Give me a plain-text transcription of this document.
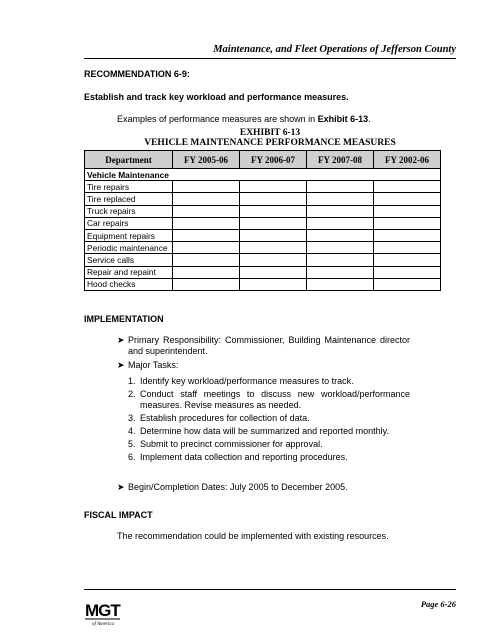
Maintenance, and Fleet Operations of Jefferson County
RECOMMENDATION 6-9:
Establish and track key workload and performance measures.
Examples of performance measures are shown in Exhibit 6-13.
EXHIBIT 6-13
VEHICLE MAINTENANCE PERFORMANCE MEASURES
Department	FY 2005-06	FY 2006-07	FY 2007-08	FY 2002-06
Vehicle Maintenance				
Tire repairs				
Tire replaced				
Truck repairs				
Car repairs				
Equipment repairs				
Periodic maintenance				
Service calls				
Repair and repaint				
Hood checks				
IMPLEMENTATION
➤ Primary Responsibility: Commissioner, Building Maintenance director and superintendent.
➤ Major Tasks:
1. Identify key workload/performance measures to track.
2. Conduct staff meetings to discuss new workload/performance measures. Revise measures as needed.
3. Establish procedures for collection of data.
4. Determine how data will be summarized and reported monthly.
5. Submit to precinct commissioner for approval.
6. Implement data collection and reporting procedures.
➤ Begin/Completion Dates: July 2005 to December 2005.
FISCAL IMPACT
The recommendation could be implemented with existing resources.
MGT
of America
Page 6-26
